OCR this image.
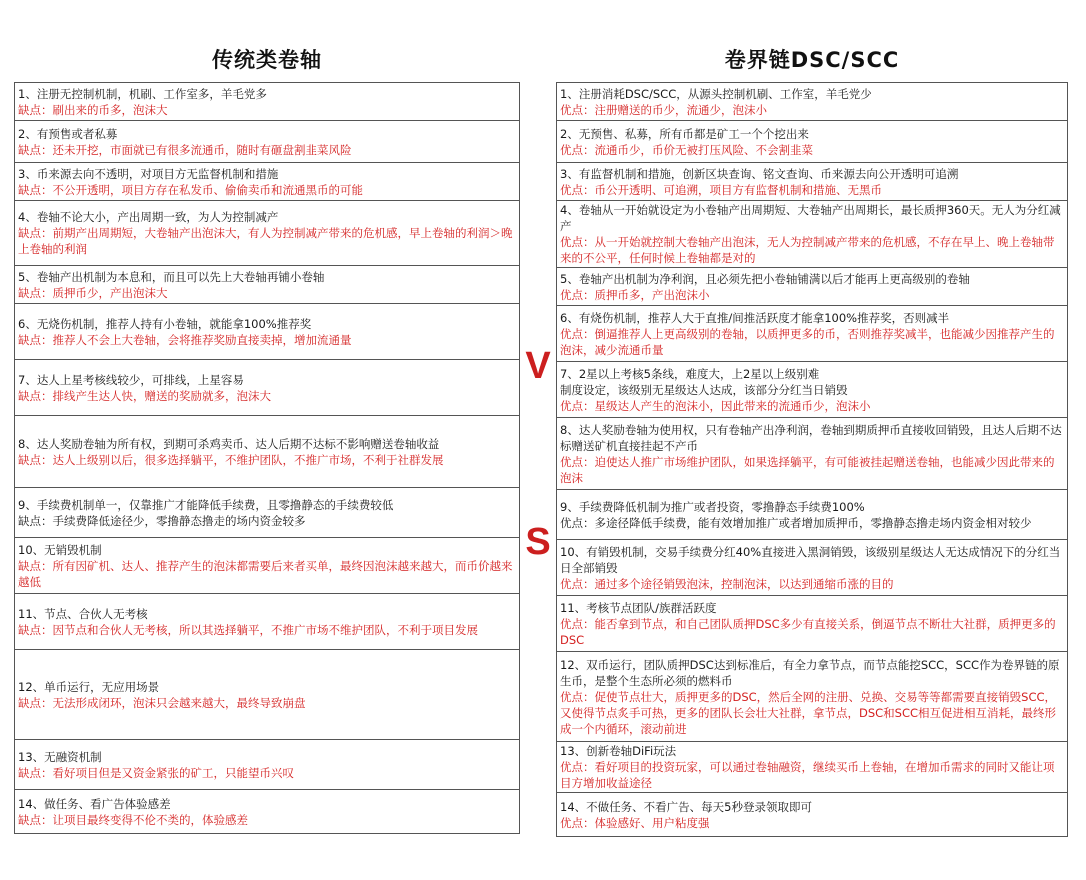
传统类卷轴	卷界链DSC/SCC
1、注册无控制机制，机刷、工作室多，羊毛党多
缺点：刷出来的币多，泡沫大

2、有预售或者私募
缺点：还未开挖，市面就已有很多流通币，随时有砸盘割韭菜风险

3、币来源去向不透明，对项目方无监督机制和措施
缺点：不公开透明，项目方存在私发币、偷偷卖币和流通黑币的可能

4、卷轴不论大小，产出周期一致，为人为控制减产
缺点：前期产出周期短，大卷轴产出泡沫大，有人为控制减产带来的危机感，早上卷轴的利润＞晚上卷轴的利润

5、卷轴产出机制为本息和，而且可以先上大卷轴再铺小卷轴
缺点：质押币少，产出泡沫大

6、无烧伤机制，推荐人持有小卷轴，就能拿100%推荐奖
缺点：推荐人不会上大卷轴，会将推荐奖励直接卖掉，增加流通量

7、达人上星考核线较少，可排线，上星容易
缺点：排线产生达人快，赠送的奖励就多，泡沫大

8、达人奖励卷轴为所有权，到期可杀鸡卖币、达人后期不达标不影响赠送卷轴收益
缺点：达人上级别以后，很多选择躺平，不维护团队，不推广市场，不利于社群发展

9、手续费机制单一，仅靠推广才能降低手续费，且零撸静态的手续费较低
缺点：手续费降低途径少，零撸静态撸走的场内资金较多

10、无销毁机制
缺点：所有因矿机、达人、推荐产生的泡沫都需要后来者买单，最终因泡沫越来越大，而币价越来越低

11、节点、合伙人无考核
缺点：因节点和合伙人无考核，所以其选择躺平，不推广市场不维护团队，不利于项目发展

12、单币运行，无应用场景
缺点：无法形成闭环，泡沫只会越来越大，最终导致崩盘

13、无融资机制
缺点：看好项目但是又资金紧张的矿工，只能望币兴叹

14、做任务、看广告体验感差
缺点：让项目最终变得不伦不类的，体验感差
1、注册消耗DSC/SCC，从源头控制机刷、工作室，羊毛党少
优点：注册赠送的币少，流通少，泡沫小

2、无预售、私募，所有币都是矿工一个个挖出来
优点：流通币少，币价无被打压风险、不会割韭菜

3、有监督机制和措施，创新区块查询、铭文查询、币来源去向公开透明可追溯
优点：币公开透明、可追溯，项目方有监督机制和措施、无黑币

4、卷轴从一开始就设定为小卷轴产出周期短、大卷轴产出周期长，最长质押360天。无人为分红减产
优点：从一开始就控制大卷轴产出泡沫，无人为控制减产带来的危机感，不存在早上、晚上卷轴带来的不公平，任何时候上卷轴都是对的

5、卷轴产出机制为净利润，且必须先把小卷轴铺满以后才能再上更高级别的卷轴
优点：质押币多，产出泡沫小

6、有烧伤机制，推荐人大于直推/间推活跃度才能拿100%推荐奖，否则减半
优点：倒逼推荐人上更高级别的卷轴，以质押更多的币，否则推荐奖减半，也能减少因推荐产生的泡沫，减少流通币量

7、2星以上考核5条线，难度大，上2星以上级别难
制度设定，该级别无星级达人达成，该部分分红当日销毁
优点：星级达人产生的泡沫小，因此带来的流通币少，泡沫小

8、达人奖励卷轴为使用权，只有卷轴产出净利润，卷轴到期质押币直接收回销毁，且达人后期不达标赠送矿机直接挂起不产币
优点：迫使达人推广市场维护团队，如果选择躺平，有可能被挂起赠送卷轴，也能减少因此带来的泡沫

9、手续费降低机制为推广或者投资，零撸静态手续费100%
优点：多途径降低手续费，能有效增加推广或者增加质押币，零撸静态撸走场内资金相对较少

10、有销毁机制，交易手续费分红40%直接进入黑洞销毁，该级别星级达人无达成情况下的分红当日全部销毁
优点：通过多个途径销毁泡沫，控制泡沫，以达到通缩币涨的目的

11、考核节点团队/族群活跃度
优点：能否拿到节点，和自己团队质押DSC多少有直接关系，倒逼节点不断壮大社群，质押更多的DSC

12、双币运行，团队质押DSC达到标准后，有全力拿节点，而节点能挖SCC，SCC作为卷界链的原生币，是整个生态所必须的燃料币
优点：促使节点壮大，质押更多的DSC，然后全网的注册、兑换、交易等等都需要直接销毁SCC，又使得节点炙手可热，更多的团队长会壮大社群，拿节点，DSC和SCC相互促进相互消耗，最终形成一个内循环，滚动前进

13、创新卷轴DiFi玩法
优点：看好项目的投资玩家，可以通过卷轴融资，继续买币上卷轴，在增加币需求的同时又能让项目方增加收益途径

14、不做任务、不看广告、每天5秒登录领取即可
优点：体验感好、用户粘度强
V
S
